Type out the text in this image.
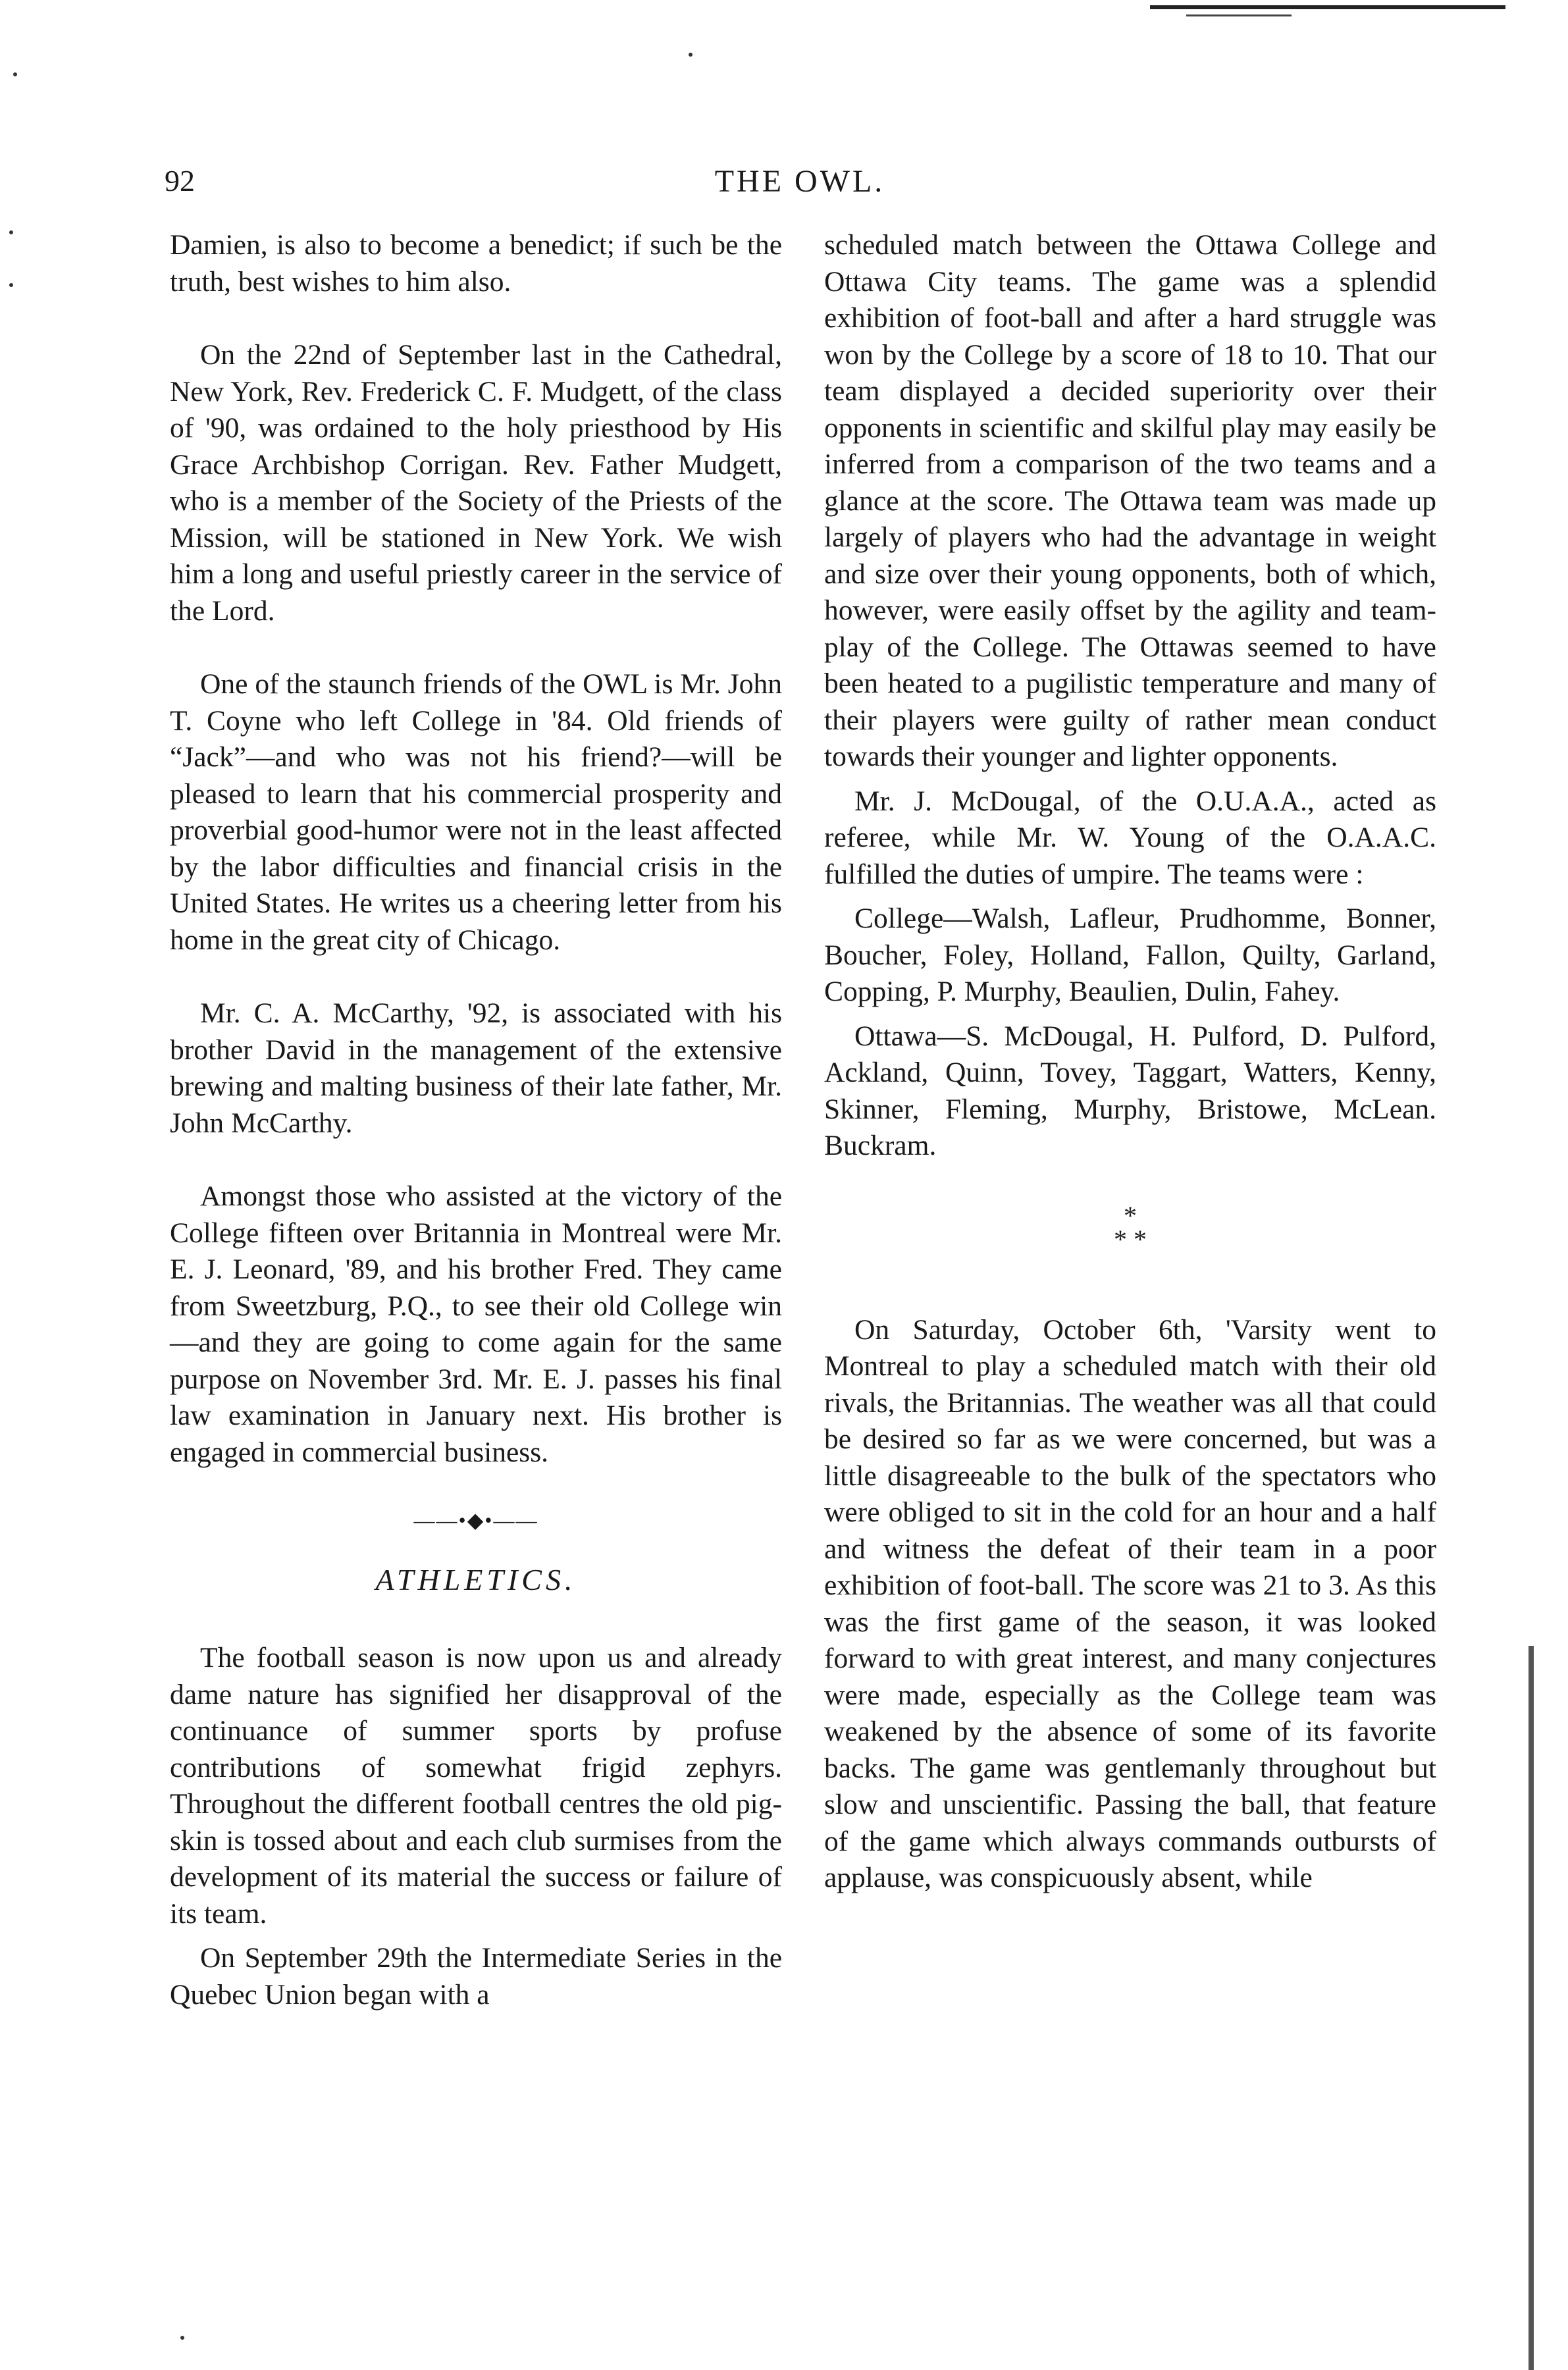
92	THE OWL.

Damien, is also to become a benedict; if such be the truth, best wishes to him also.

On the 22nd of September last in the Cathedral, New York, Rev. Frederick C. F. Mudgett, of the class of '90, was ordained to the holy priesthood by His Grace Archbishop Corrigan. Rev. Father Mudgett, who is a member of the Society of the Priests of the Mission, will be stationed in New York. We wish him a long and useful priestly career in the service of the Lord.

One of the staunch friends of the OWL is Mr. John T. Coyne who left College in '84. Old friends of “Jack”—and who was not his friend?—will be pleased to learn that his commercial prosperity and proverbial good-humor were not in the least affected by the labor difficulties and financial crisis in the United States. He writes us a cheering letter from his home in the great city of Chicago.

Mr. C. A. McCarthy, '92, is associated with his brother David in the management of the extensive brewing and malting business of their late father, Mr. John McCarthy.

Amongst those who assisted at the victory of the College fifteen over Britannia in Montreal were Mr. E. J. Leonard, '89, and his brother Fred. They came from Sweetzburg, P.Q., to see their old College win—and they are going to come again for the same purpose on November 3rd. Mr. E. J. passes his final law examination in January next. His brother is engaged in commercial business.

——•◆•——
ATHLETICS.

The football season is now upon us and already dame nature has signified her disapproval of the continuance of summer sports by profuse contributions of somewhat frigid zephyrs. Throughout the different football centres the old pig-skin is tossed about and each club surmises from the development of its material the success or failure of its team.

On September 29th the Intermediate Series in the Quebec Union began with a

scheduled match between the Ottawa College and Ottawa City teams. The game was a splendid exhibition of foot-ball and after a hard struggle was won by the College by a score of 18 to 10. That our team displayed a decided superiority over their opponents in scientific and skilful play may easily be inferred from a comparison of the two teams and a glance at the score. The Ottawa team was made up largely of players who had the advantage in weight and size over their young opponents, both of which, however, were easily offset by the agility and team-play of the College. The Ottawas seemed to have been heated to a pugilistic temperature and many of their players were guilty of rather mean conduct towards their younger and lighter opponents.

Mr. J. McDougal, of the O.U.A.A., acted as referee, while Mr. W. Young of the O.A.A.C. fulfilled the duties of umpire. The teams were :

College—Walsh, Lafleur, Prudhomme, Bonner, Boucher, Foley, Holland, Fallon, Quilty, Garland, Copping, P. Murphy, Beaulien, Dulin, Fahey.

Ottawa—S. McDougal, H. Pulford, D. Pulford, Ackland, Quinn, Tovey, Taggart, Watters, Kenny, Skinner, Fleming, Murphy, Bristowe, McLean. Buckram.

*
* *

On Saturday, October 6th, 'Varsity went to Montreal to play a scheduled match with their old rivals, the Britannias. The weather was all that could be desired so far as we were concerned, but was a little disagreeable to the bulk of the spectators who were obliged to sit in the cold for an hour and a half and witness the defeat of their team in a poor exhibition of foot-ball. The score was 21 to 3. As this was the first game of the season, it was looked forward to with great interest, and many conjectures were made, especially as the College team was weakened by the absence of some of its favorite backs. The game was gentlemanly throughout but slow and unscientific. Passing the ball, that feature of the game which always commands outbursts of applause, was conspicuously absent, while
